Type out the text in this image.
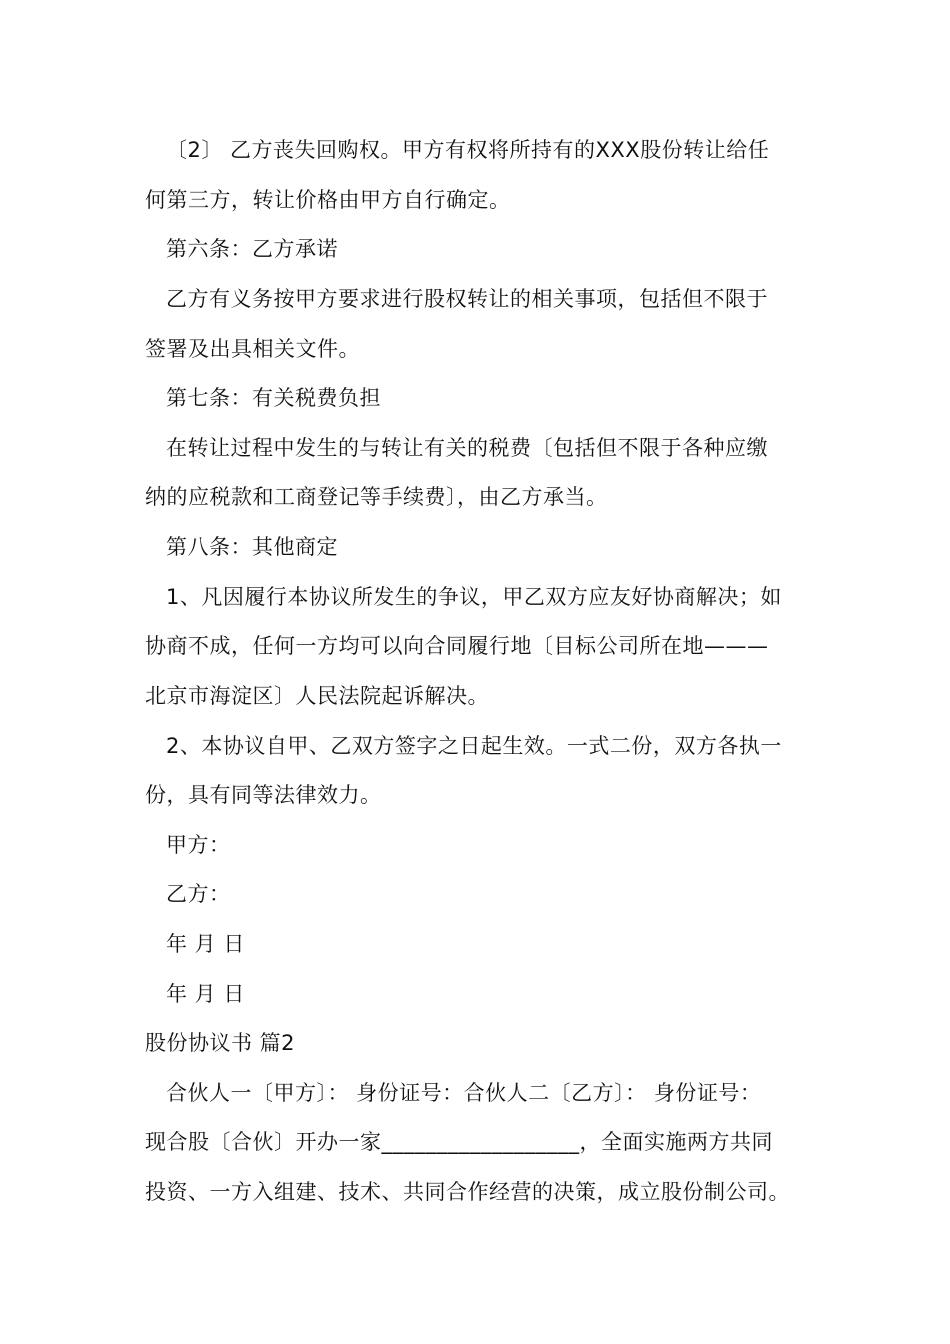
〔2〕 乙方丧失回购权。甲方有权将所持有的XXX股份转让给任
何第三方，转让价格由甲方自行确定。
第六条：乙方承诺
乙方有义务按甲方要求进行股权转让的相关事项，包括但不限于
签署及出具相关文件。
第七条：有关税费负担
在转让过程中发生的与转让有关的税费〔包括但不限于各种应缴
纳的应税款和工商登记等手续费〕，由乙方承当。
第八条：其他商定
1、凡因履行本协议所发生的争议，甲乙双方应友好协商解决；如
协商不成，任何一方均可以向合同履行地〔目标公司所在地———
北京市海淀区〕人民法院起诉解决。
2、本协议自甲、乙双方签字之日起生效。一式二份，双方各执一
份，具有同等法律效力。
甲方：
乙方：
年 月 日
年 月 日
股份协议书 篇2
合伙人一〔甲方〕： 身份证号：合伙人二〔乙方〕： 身份证号：
现合股〔合伙〕开办一家__________________，全面实施两方共同
投资、一方入组建、技术、共同合作经营的决策，成立股份制公司。
